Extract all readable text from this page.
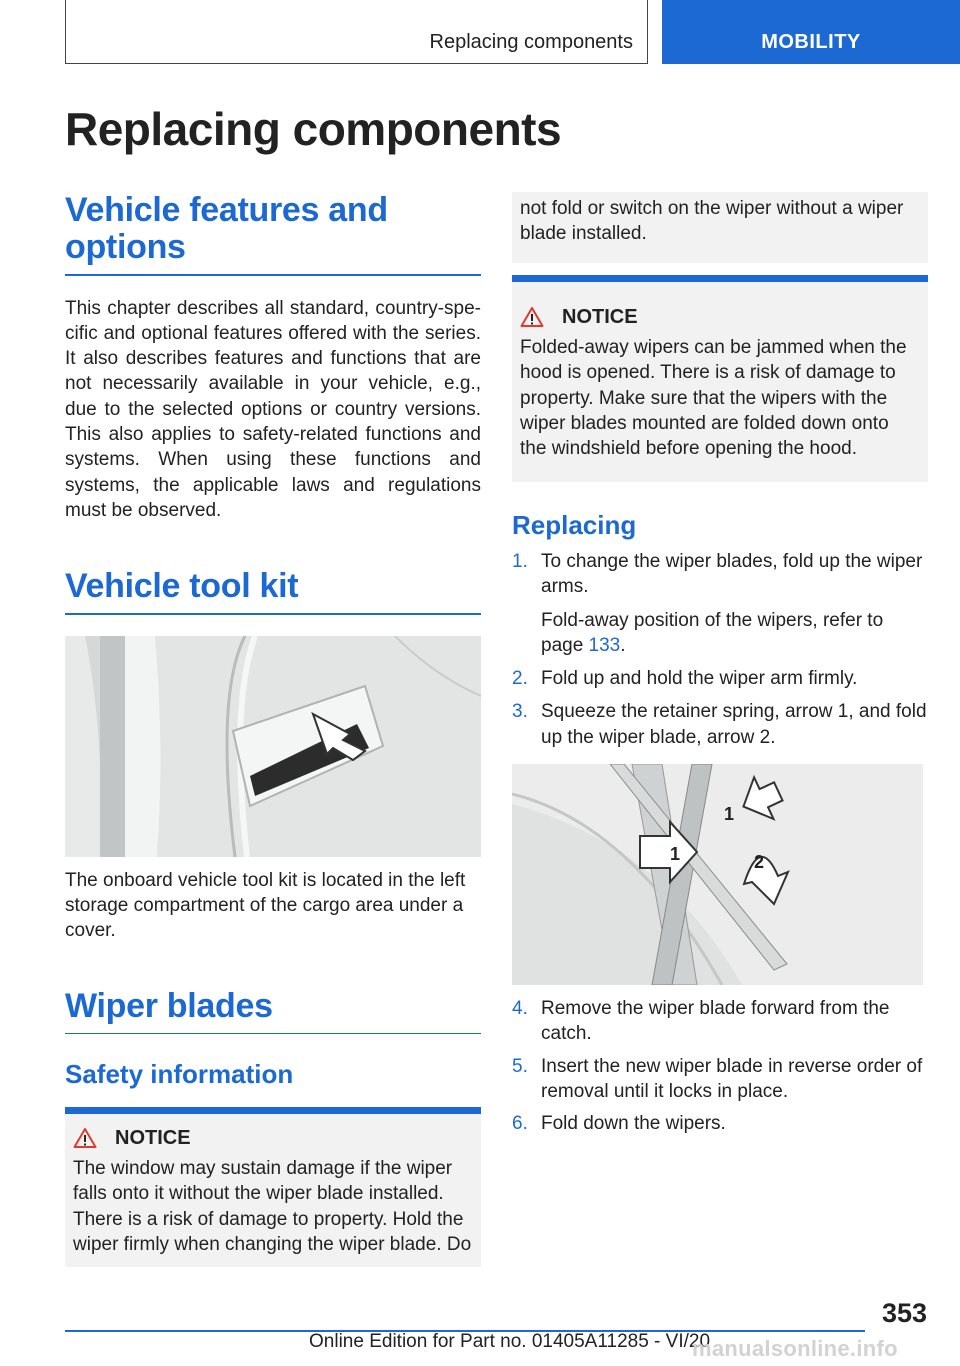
Replacing components	MOBILITY
Replacing components
Vehicle features and options

This chapter describes all standard, country-specific and optional features offered with the series. It also describes features and functions that are not necessarily available in your vehicle, e.g., due to the selected options or country versions. This also applies to safety-related functions and systems. When using these functions and systems, the applicable laws and regulations must be observed.

Vehicle tool kit

The onboard vehicle tool kit is located in the left storage compartment of the cargo area under a cover.

Wiper blades
Safety information
NOTICE
The window may sustain damage if the wiper falls onto it without the wiper blade installed. There is a risk of damage to property. Hold the wiper firmly when changing the wiper blade. Do
not fold or switch on the wiper without a wiper blade installed.
NOTICE
Folded-away wipers can be jammed when the hood is opened. There is a risk of damage to property. Make sure that the wipers with the wiper blades mounted are folded down onto the windshield before opening the hood.
Replacing
1. To change the wiper blades, fold up the wiper arms.
Fold-away position of the wipers, refer to page 133.
2. Fold up and hold the wiper arm firmly.
3. Squeeze the retainer spring, arrow 1, and fold up the wiper blade, arrow 2.
1
1	2
4. Remove the wiper blade forward from the catch.
5. Insert the new wiper blade in reverse order of removal until it locks in place.
6. Fold down the wipers.
353
Online Edition for Part no. 01405A11285 - VI/20
manualsonline.info
